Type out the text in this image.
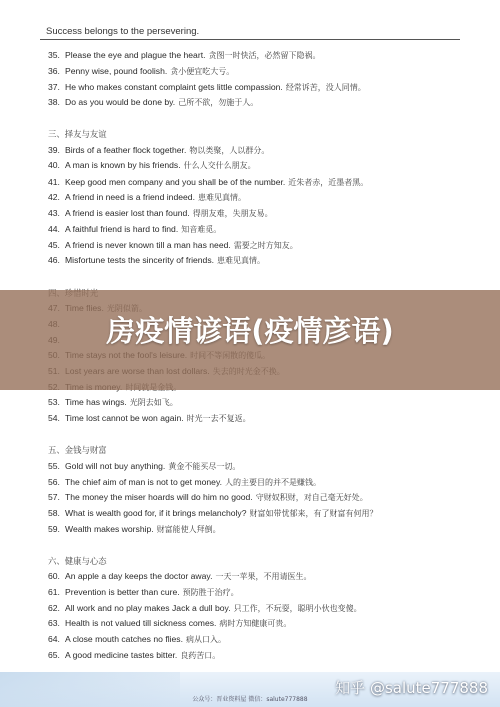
Success belongs to the persevering.
35. Please the eye and plague the heart. 贪图一时快活，必然留下隐祸。
36. Penny wise, pound foolish. 贪小便宜吃大亏。
37. He who makes constant complaint gets little compassion. 经常诉苦，没人同情。
38. Do as you would be done by. 己所不欲，勿施于人。
三、择友与友谊
39. Birds of a feather flock together. 物以类聚，人以群分。
40. A man is known by his friends. 什么人交什么朋友。
41. Keep good men company and you shall be of the number. 近朱者赤，近墨者黑。
42. A friend in need is a friend indeed. 患难见真情。
43. A friend is easier lost than found. 得朋友难，失朋友易。
44. A faithful friend is hard to find. 知音难觅。
45. A friend is never known till a man has need. 需要之时方知友。
46. Misfortune tests the sincerity of friends. 患难见真情。
53. Time has wings. 光阴去如飞。
54. Time lost cannot be won again. 时光一去不复返。
五、金钱与财富
55. Gold will not buy anything. 黄金不能买尽一切。
56. The chief aim of man is not to get money. 人的主要目的并不是赚钱。
57. The money the miser hoards will do him no good. 守财奴积财，对自己毫无好处。
58. What is wealth good for, if it brings melancholy? 财富如带忧郁来，有了财富有何用？
59. Wealth makes worship. 财富能使人拜倒。
六、健康与心态
60. An apple a day keeps the doctor away. 一天一苹果，不用请医生。
61. Prevention is better than cure. 预防胜于治疗。
62. All work and no play makes Jack a dull boy. 只工作，不玩耍，聪明小伙也变傻。
63. Health is not valued till sickness comes. 病时方知健康可贵。
64. A close mouth catches no flies. 病从口入。
65. A good medicine tastes bitter. 良药苦口。
房疫情谚语(疫情彦语)
公众号：晋业资料屋 微信：salute777888
知乎 @salute777888
